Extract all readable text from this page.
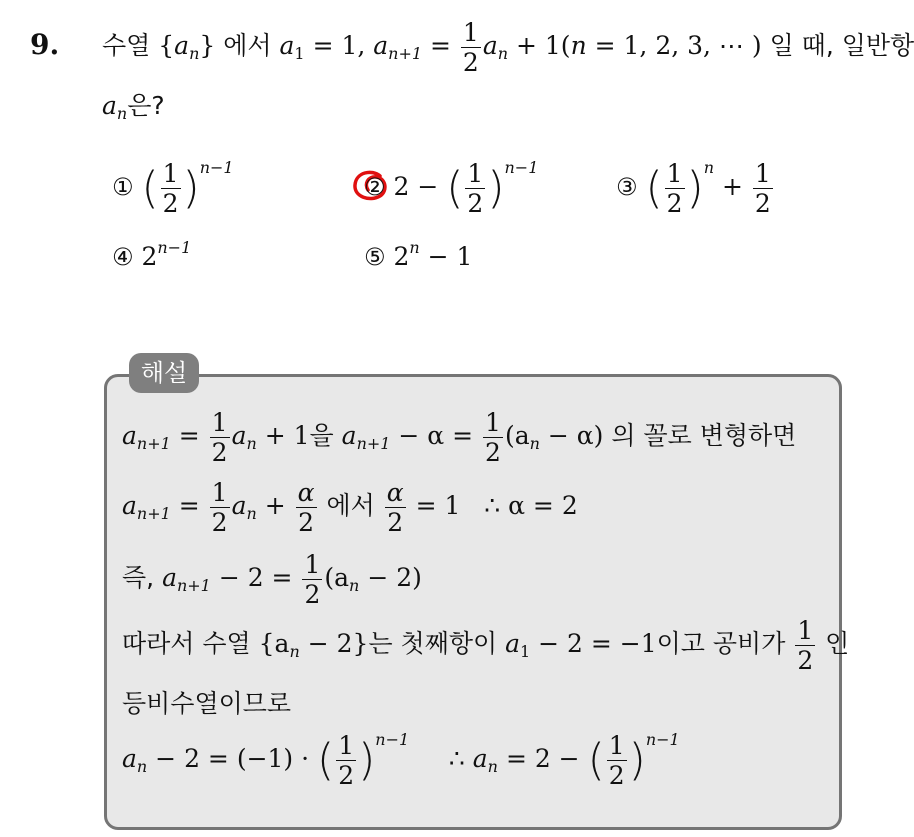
9. 수열 $\{a_n\}$ 에서 $a_1 = 1$, $a_{n+1} = \frac{1}{2} a_n + 1(n = 1$, 2, 3, ⋯ ) 일 때, 일반항
$a_n$은?
① ( $\frac{1}{2} )^{n-1}$
② 2 − ( $\frac{1}{2} )^{n-1}$
③ ( $\frac{1}{2} )^n + \frac{1}{2}$
④ $2^{n-1}$	⑤ $2^n - 1$
해설
$a_{n+1} = \frac{1}{2} a_n + 1$을 $a_{n+1} - \alpha = \frac{1}{2} (a_n - \alpha)$ 의 꼴로 변형하면
$a_{n+1} = \frac{1}{2} a_n + \frac{\alpha}{2}$ 에서 $\frac{\alpha}{2} = 1$ ∴ α = 2
즉, $a_{n+1} - 2 = \frac{1}{2} (a_n - 2)$
따라서 수열 $\{a_n - 2\}$는 첫째항이 $a_1 - 2 = -1$이고 공비가 $\frac{1}{2}$ 인
등비수열이므로
$a_n - 2 = (-1)$ · ( $\frac{1}{2} )^{n-1}$     ∴ $a_n = 2$ − ( $\frac{1}{2} )^{n-1}$
